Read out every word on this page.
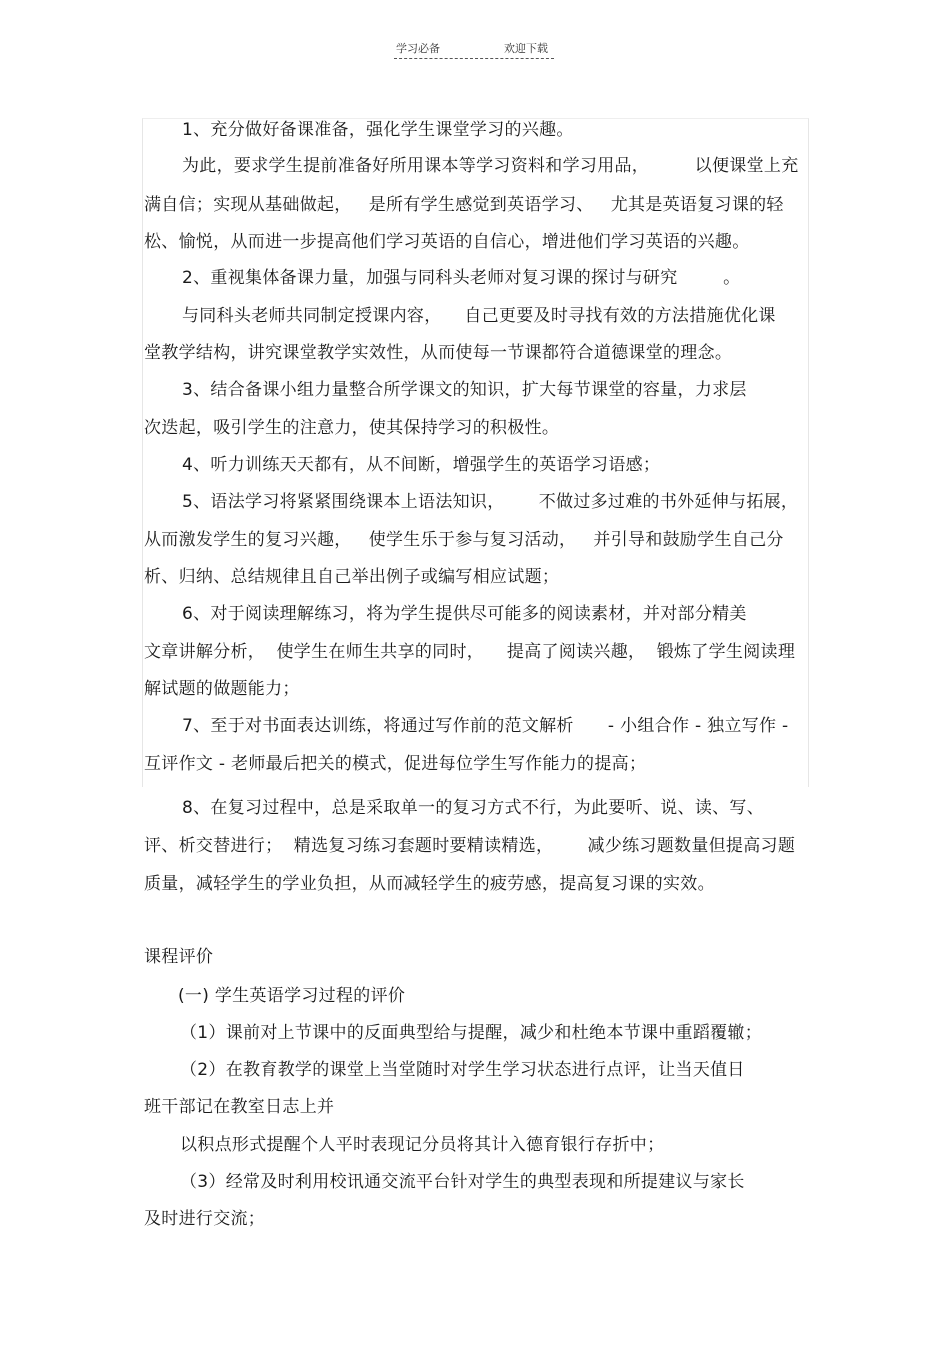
学习必备	欢迎下载
1、充分做好备课准备，强化学生课堂学习的兴趣。
为此，要求学生提前准备好所用课本等学习资料和学习用品，        以便课堂上充
满自信；实现从基础做起，   是所有学生感觉到英语学习、   尤其是英语复习课的轻
松、愉悦，从而进一步提高他们学习英语的自信心，增进他们学习英语的兴趣。
2、重视集体备课力量，加强与同科头老师对复习课的探讨与研究        。
与同科头老师共同制定授课内容，    自己更要及时寻找有效的方法措施优化课
堂教学结构，讲究课堂教学实效性，从而使每一节课都符合道德课堂的理念。
3、结合备课小组力量整合所学课文的知识，扩大每节课堂的容量，力求层
次迭起，吸引学生的注意力，使其保持学习的积极性。
4、听力训练天天都有，从不间断，增强学生的英语学习语感；
5、语法学习将紧紧围绕课本上语法知识，      不做过多过难的书外延伸与拓展，
从而激发学生的复习兴趣，   使学生乐于参与复习活动，   并引导和鼓励学生自己分
析、归纳、总结规律且自己举出例子或编写相应试题；
6、对于阅读理解练习，将为学生提供尽可能多的阅读素材，并对部分精美
文章讲解分析，  使学生在师生共享的同时，    提高了阅读兴趣，  锻炼了学生阅读理
解试题的做题能力；
7、至于对书面表达训练，将通过写作前的范文解析      - 小组合作 - 独立写作 -
互评作文 - 老师最后把关的模式，促进每位学生写作能力的提高；
8、在复习过程中，总是采取单一的复习方式不行，为此要听、说、读、写、
评、析交替进行；  精选复习练习套题时要精读精选，      减少练习题数量但提高习题
质量，减轻学生的学业负担，从而减轻学生的疲劳感，提高复习课的实效。
课程评价
(一) 学生英语学习过程的评价
（1）课前对上节课中的反面典型给与提醒，减少和杜绝本节课中重蹈覆辙；
（2）在教育教学的课堂上当堂随时对学生学习状态进行点评，让当天值日
班干部记在教室日志上并
以积点形式提醒个人平时表现记分员将其计入德育银行存折中；
（3）经常及时利用校讯通交流平台针对学生的典型表现和所提建议与家长
及时进行交流；
